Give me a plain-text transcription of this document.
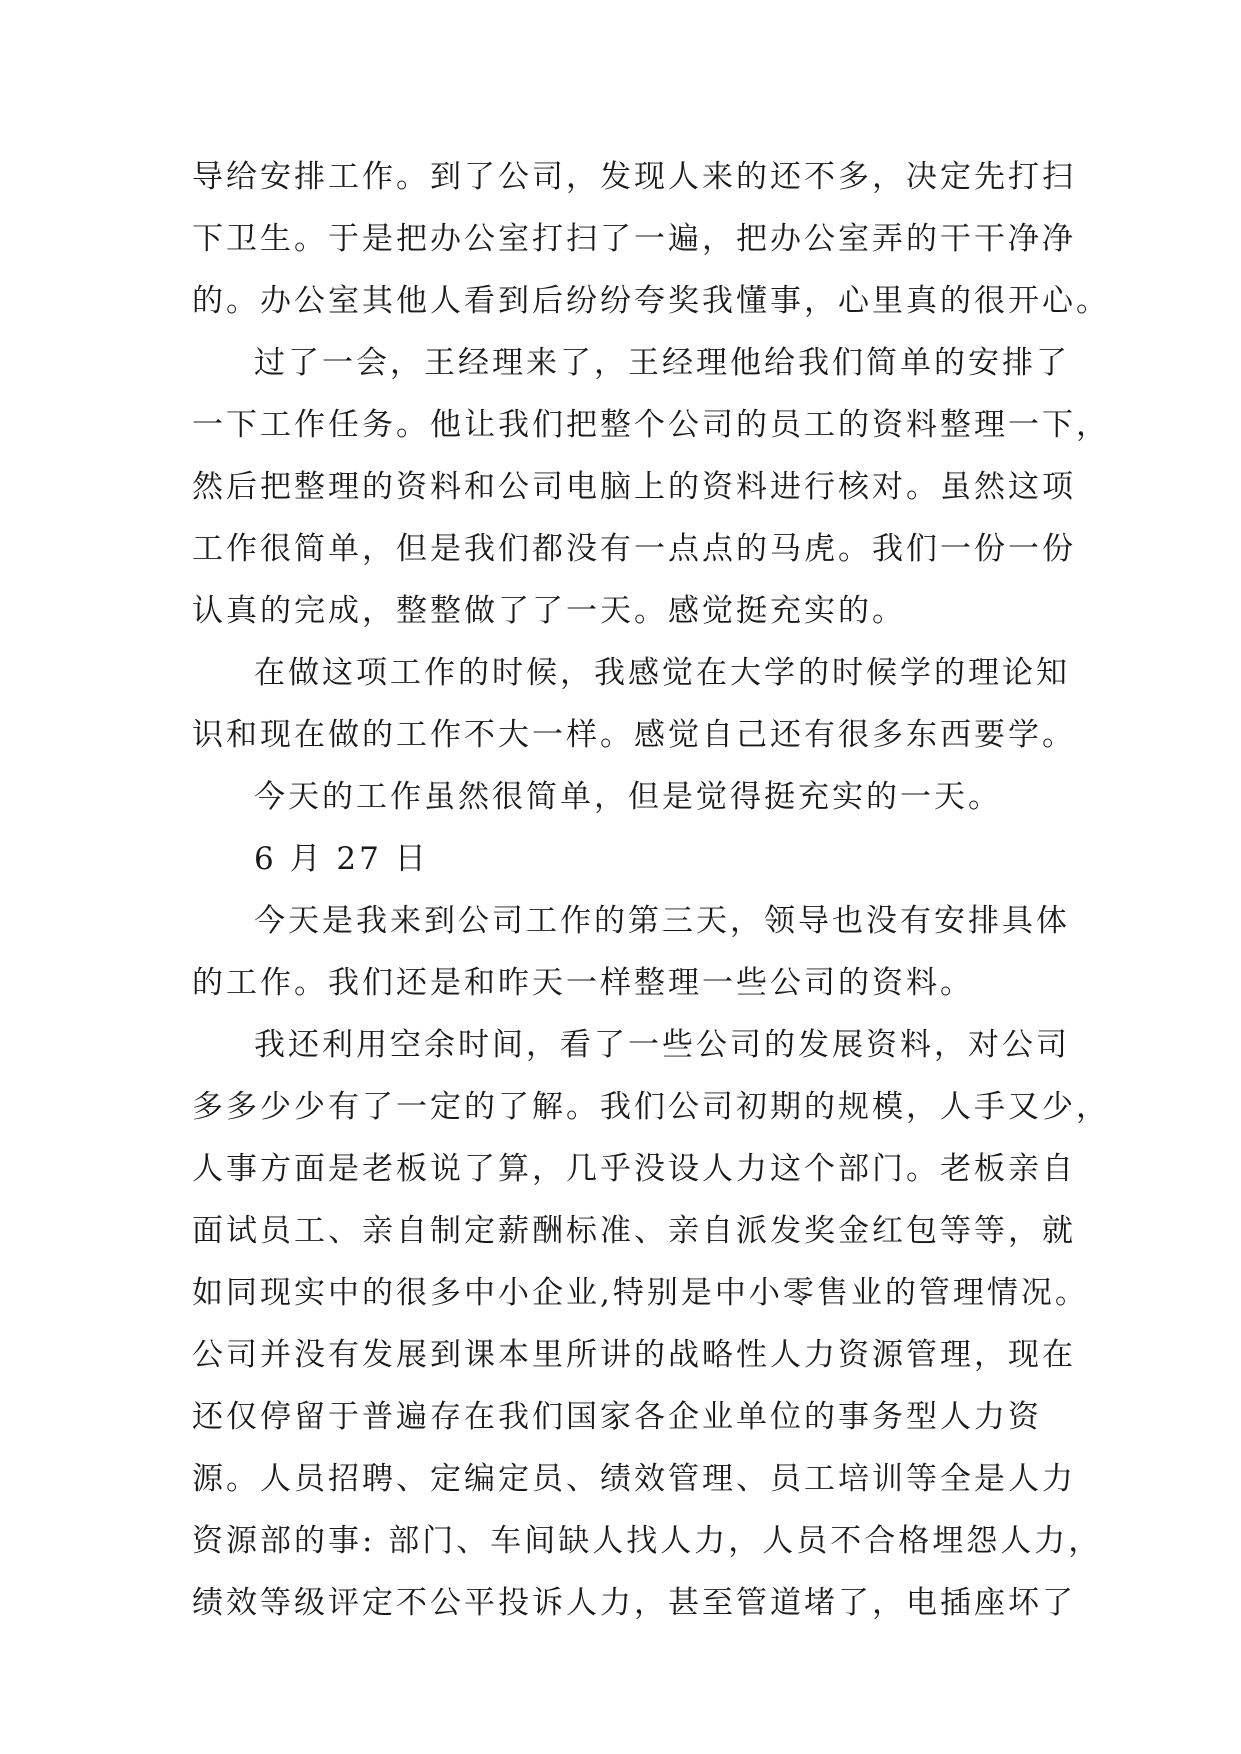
导给安排工作。到了公司，发现人来的还不多，决定先打扫
下卫生。于是把办公室打扫了一遍，把办公室弄的干干净净
的。办公室其他人看到后纷纷夸奖我懂事，心里真的很开心。
过了一会，王经理来了，王经理他给我们简单的安排了
一下工作任务。他让我们把整个公司的员工的资料整理一下，
然后把整理的资料和公司电脑上的资料进行核对。虽然这项
工作很简单，但是我们都没有一点点的马虎。我们一份一份
认真的完成，整整做了了一天。感觉挺充实的。
在做这项工作的时候，我感觉在大学的时候学的理论知
识和现在做的工作不大一样。感觉自己还有很多东西要学。
今天的工作虽然很简单，但是觉得挺充实的一天。
6 月 27 日
今天是我来到公司工作的第三天，领导也没有安排具体
的工作。我们还是和昨天一样整理一些公司的资料。
我还利用空余时间，看了一些公司的发展资料，对公司
多多少少有了一定的了解。我们公司初期的规模，人手又少，
人事方面是老板说了算，几乎没设人力这个部门。老板亲自
面试员工、亲自制定薪酬标准、亲自派发奖金红包等等，就
如同现实中的很多中小企业,特别是中小零售业的管理情况。
公司并没有发展到课本里所讲的战略性人力资源管理，现在
还仅停留于普遍存在我们国家各企业单位的事务型人力资
源。人员招聘、定编定员、绩效管理、员工培训等全是人力
资源部的事: 部门、车间缺人找人力，人员不合格埋怨人力，
绩效等级评定不公平投诉人力，甚至管道堵了，电插座坏了
